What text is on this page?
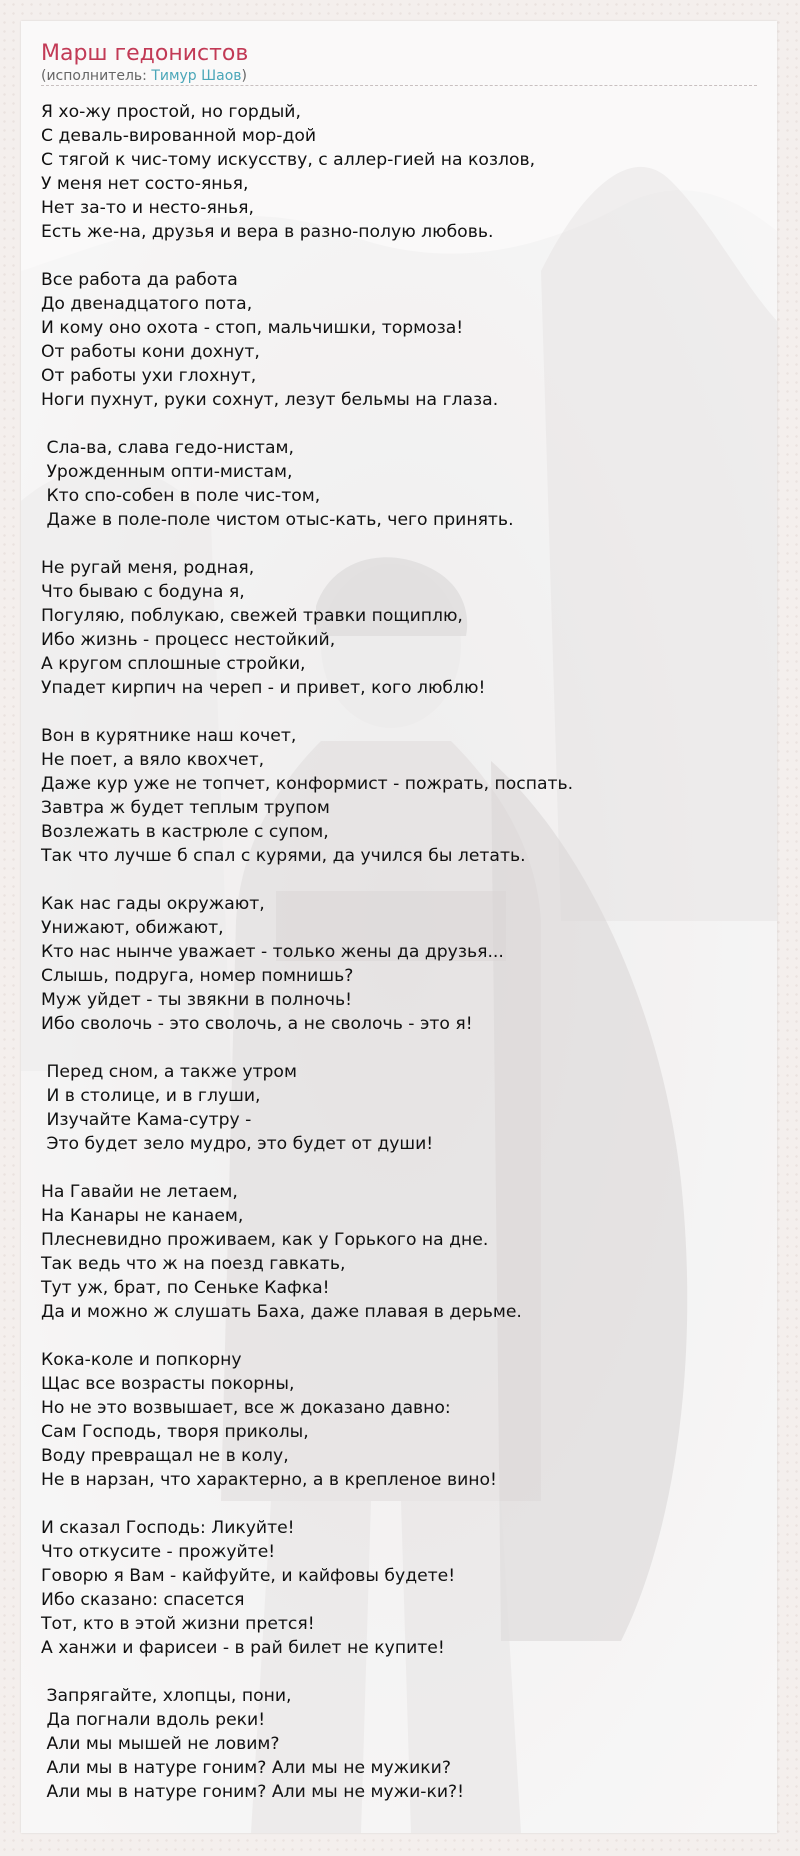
Марш гедонистов
(исполнитель: Тимур Шаов)
Я хо-жу простой, но гордый,
С деваль-вированной мор-дой
С тягой к чис-тому искусству, с аллер-гией на козлов,
У меня нет состо-янья,
Нет за-то и несто-янья,
Есть же-на, друзья и вера в разно-полую любовь.
Все работа да работа
До двенадцатого пота,
И кому оно охота - стоп, мальчишки, тормоза!
От работы кони дохнут,
От работы ухи глохнут,
Ноги пухнут, руки сохнут, лезут бельмы на глаза.
Сла-ва, слава гедо-нистам,
Урожденным опти-мистам,
Кто спо-собен в поле чис-том,
Даже в поле-поле чистом отыс-кать, чего принять.
Не ругай меня, родная,
Что бываю с бодуна я,
Погуляю, поблукаю, свежей травки пощиплю,
Ибо жизнь - процесс нестойкий,
А кругом сплошные стройки,
Упадет кирпич на череп - и привет, кого люблю!
Вон в курятнике наш кочет,
Не поет, а вяло квохчет,
Даже кур уже не топчет, конформист - пожрать, поспать.
Завтра ж будет теплым трупом
Возлежать в кастрюле с супом,
Так что лучше б спал с курями, да учился бы летать.
Как нас гады окружают,
Унижают, обижают,
Кто нас нынче уважает - только жены да друзья...
Слышь, подруга, номер помнишь?
Муж уйдет - ты звякни в полночь!
Ибо сволочь - это сволочь, а не сволочь - это я!
Перед сном, а также утром
И в столице, и в глуши,
Изучайте Кама-сутру -
Это будет зело мудро, это будет от души!
На Гавайи не летаем,
На Канары не канаем,
Плесневидно проживаем, как у Горького на дне.
Так ведь что ж на поезд гавкать,
Тут уж, брат, по Сеньке Кафка!
Да и можно ж слушать Баха, даже плавая в дерьме.
Кока-коле и попкорну
Щас все возрасты покорны,
Но не это возвышает, все ж доказано давно:
Сам Господь, творя приколы,
Воду превращал не в колу,
Не в нарзан, что характерно, а в крепленое вино!
И сказал Господь: Ликуйте!
Что откусите - прожуйте!
Говорю я Вам - кайфуйте, и кайфовы будете!
Ибо сказано: спасется
Тот, кто в этой жизни прется!
А ханжи и фарисеи - в рай билет не купите!
Запрягайте, хлопцы, пони,
Да погнали вдоль реки!
Али мы мышей не ловим?
Али мы в натуре гоним? Али мы не мужики?
Али мы в натуре гоним? Али мы не мужи-ки?!
